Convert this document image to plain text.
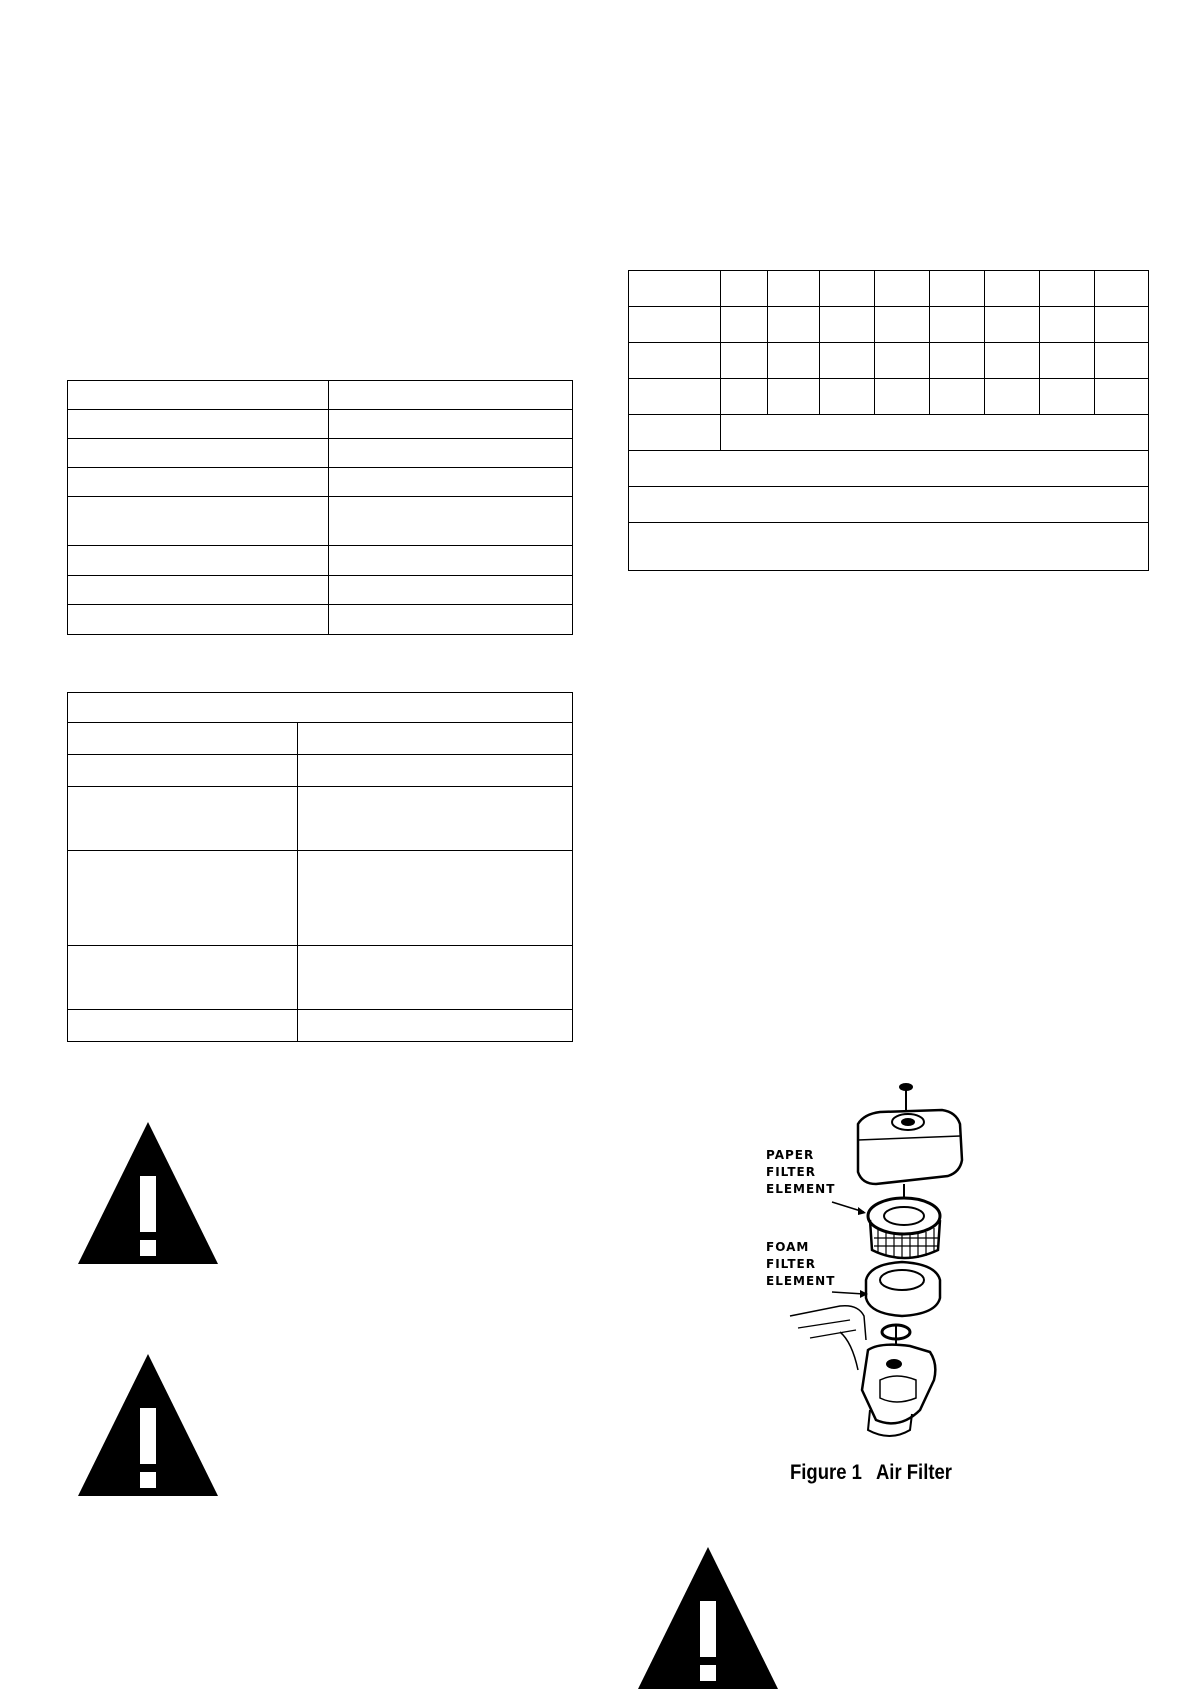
PAPER
FILTER
ELEMENT
FOAM
FILTER
ELEMENT
Figure 1 Air Filter
